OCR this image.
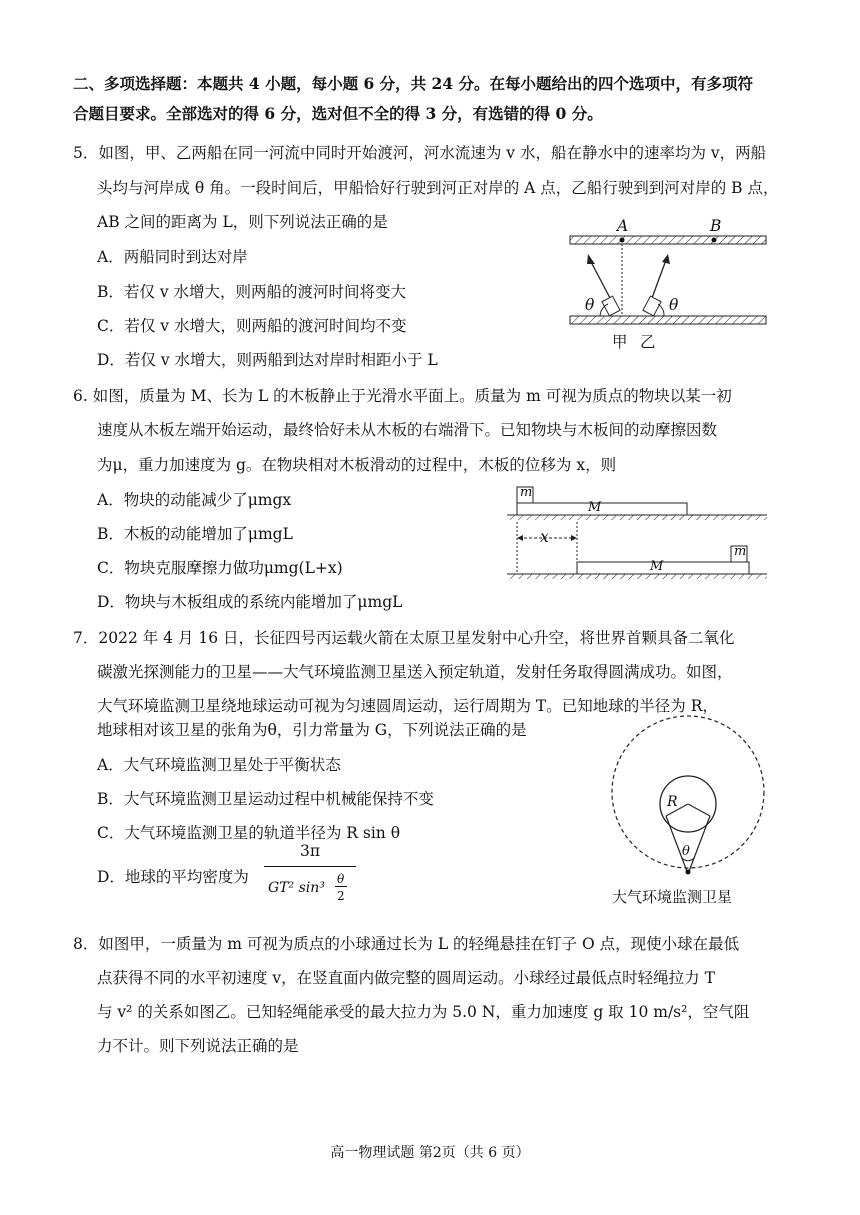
二、多项选择题：本题共 4 小题，每小题 6 分，共 24 分。在每小题给出的四个选项中，有多项符
合题目要求。全部选对的得 6 分，选对但不全的得 3 分，有选错的得 0 分。
5．如图，甲、乙两船在同一河流中同时开始渡河，河水流速为 v 水，船在静水中的速率均为 v，两船
头均与河岸成 θ 角。一段时间后，甲船恰好行驶到河正对岸的 A 点，乙船行驶到到河对岸的 B 点，
AB 之间的距离为 L，则下列说法正确的是
A．两船同时到达对岸
B．若仅 v 水增大，则两船的渡河时间将变大
C．若仅 v 水增大，则两船的渡河时间均不变
D．若仅 v 水增大，则两船到达对岸时相距小于 L
A	B
θ	θ
甲 乙
6. 如图，质量为 M、长为 L 的木板静止于光滑水平面上。质量为 m 可视为质点的物块以某一初
速度从木板左端开始运动，最终恰好未从木板的右端滑下。已知物块与木板间的动摩擦因数
为μ，重力加速度为 g。在物块相对木板滑动的过程中，木板的位移为 x，则
A．物块的动能减少了μmgx
B．木板的动能增加了μmgL
C．物块克服摩擦力做功μmg(L+x)
D．物块与木板组成的系统内能增加了μmgL
m
M
x
m
M
7．2022 年 4 月 16 日，长征四号丙运载火箭在太原卫星发射中心升空，将世界首颗具备二氧化
碳激光探测能力的卫星——大气环境监测卫星送入预定轨道，发射任务取得圆满成功。如图，
大气环境监测卫星绕地球运动可视为匀速圆周运动，运行周期为 T。已知地球的半径为 R，
地球相对该卫星的张角为θ，引力常量为 G，下列说法正确的是
A．大气环境监测卫星处于平衡状态
B．大气环境监测卫星运动过程中机械能保持不变
C．大气环境监测卫星的轨道半径为 R sin θ
D．地球的平均密度为
3π
GT² sin³
θ
2
R
θ
大气环境监测卫星
8．如图甲，一质量为 m 可视为质点的小球通过长为 L 的轻绳悬挂在钉子 O 点，现使小球在最低
点获得不同的水平初速度 v，在竖直面内做完整的圆周运动。小球经过最低点时轻绳拉力 T
与 v² 的关系如图乙。已知轻绳能承受的最大拉力为 5.0 N，重力加速度 g 取 10 m/s²，空气阻
力不计。则下列说法正确的是
高一物理试题 第2页（共 6 页）
